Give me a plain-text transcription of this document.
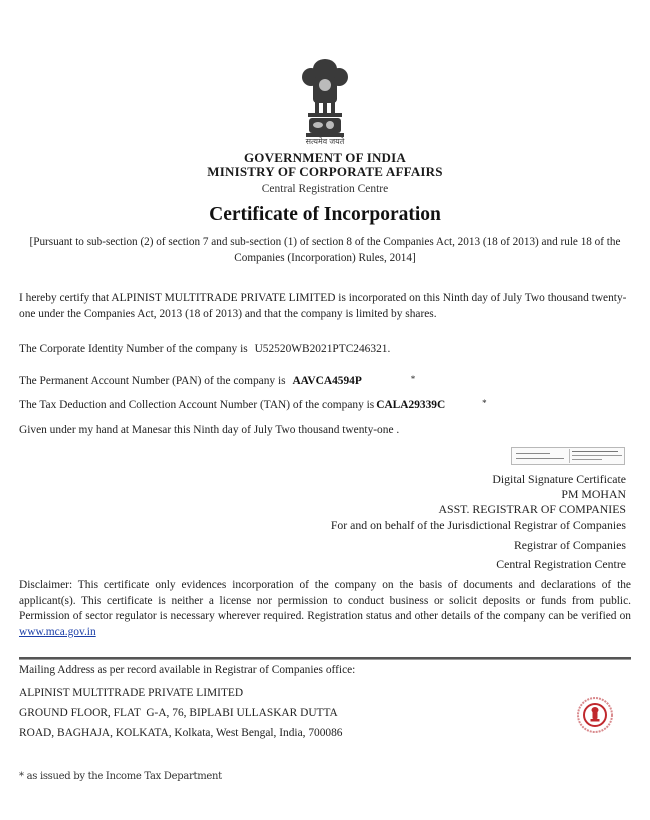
सत्यमेव जयते
GOVERNMENT OF INDIA
MINISTRY OF CORPORATE AFFAIRS
Central Registration Centre
Certificate of Incorporation
[Pursuant to sub-section (2) of section 7 and sub-section (1) of section 8 of the Companies Act, 2013 (18 of 2013) and rule 18 of the Companies (Incorporation) Rules, 2014]
I hereby certify that ALPINIST MULTITRADE PRIVATE LIMITED is incorporated on this Ninth day of July Two thousand twenty-one under the Companies Act, 2013 (18 of 2013) and that the company is limited by shares.
The Corporate Identity Number of the company is U52520WB2021PTC246321.
The Permanent Account Number (PAN) of the company is AAVCA4594P	*
The Tax Deduction and Collection Account Number (TAN) of the company is CALA29339C	*
Given under my hand at Manesar this Ninth day of July Two thousand twenty-one .
Digital Signature Certificate
PM MOHAN
ASST. REGISTRAR OF COMPANIES
For and on behalf of the Jurisdictional Registrar of Companies
Registrar of Companies
Central Registration Centre
Disclaimer: This certificate only evidences incorporation of the company on the basis of documents and declarations of the applicant(s). This certificate is neither a license nor permission to conduct business or solicit deposits or funds from public. Permission of sector regulator is necessary wherever required. Registration status and other details of the company can be verified on www.mca.gov.in
Mailing Address as per record available in Registrar of Companies office:
ALPINIST MULTITRADE PRIVATE LIMITED
GROUND FLOOR, FLAT  G-A, 76, BIPLABI ULLASKAR DUTTA
ROAD, BAGHAJA, KOLKATA, Kolkata, West Bengal, India, 700086
* as issued by the Income Tax Department
